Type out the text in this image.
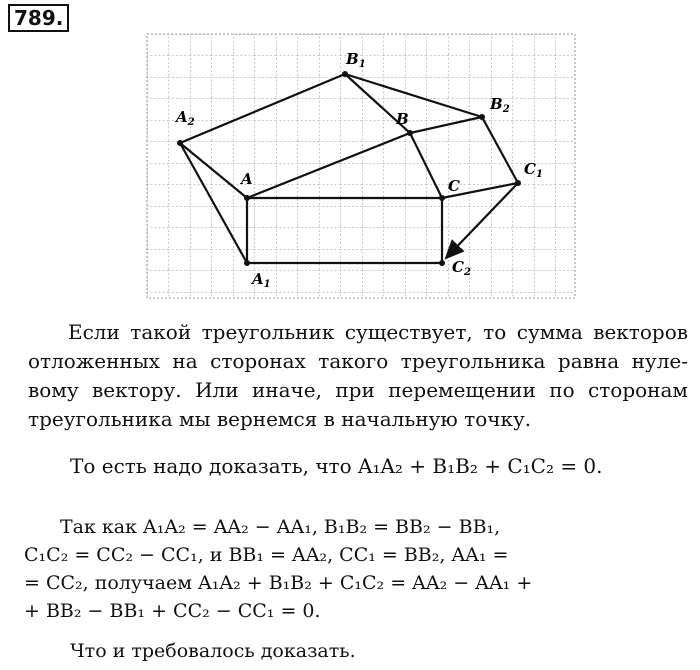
789.
A
$A_1$
$A_2$	B
$B_1$
$B_2$
C
$C_1$
$C_2$
Если такой треугольник существует, то сумма векторов отложенных на сторонах такого треугольника равна нуле-вому вектору. Или иначе, при перемещении по сторонам треугольника мы вернемся в начальную точку.
То есть надо доказать, что A₁A₂ + B₁B₂ + C₁C₂ = 0.
Так как A₁A₂ = AA₂ − AA₁, B₁B₂ = BB₂ − BB₁,
C₁C₂ = CC₂ − CC₁, и BB₁ = AA₂, CC₁ = BB₂, AA₁ =
= CC₂, получаем A₁A₂ + B₁B₂ + C₁C₂ = AA₂ − AA₁ +
+ BB₂ − BB₁ + CC₂ − CC₁ = 0.
Что и требовалось доказать.
